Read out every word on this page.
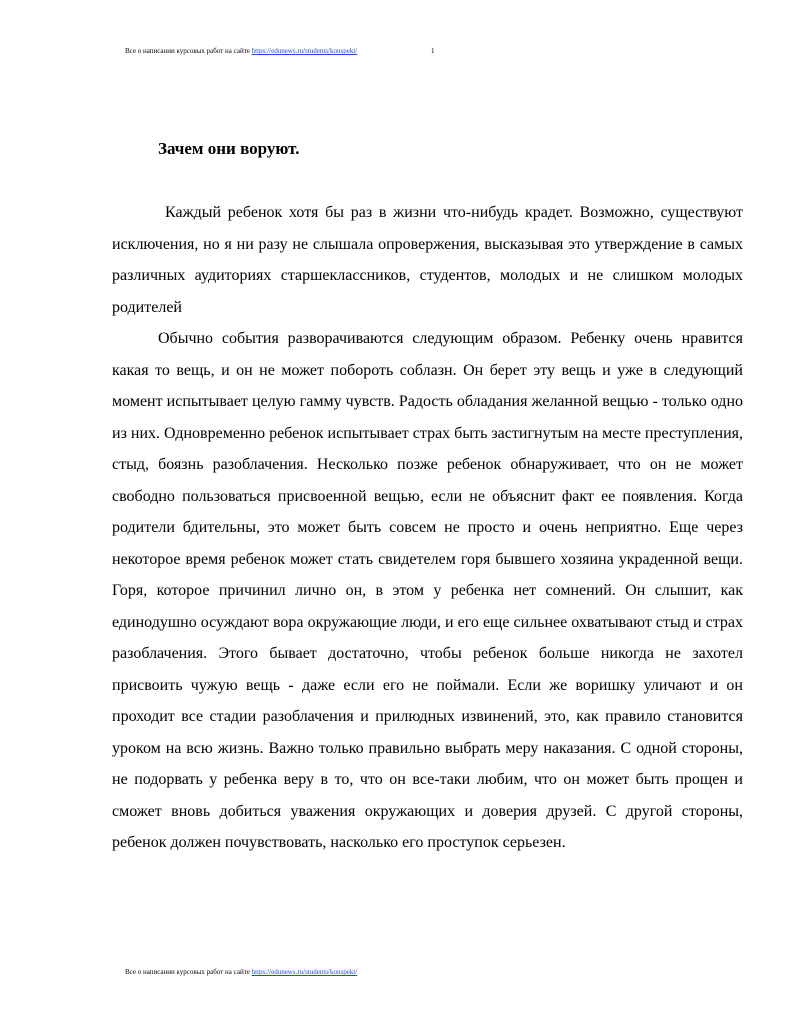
Все о написании курсовых работ на сайте https://edunews.ru/students/konspekt/	1
Зачем они воруют.

Каждый ребенок хотя бы раз в жизни что-нибудь крадет. Возможно, существуют исключения, но я ни разу не слышала опровержения, высказывая это утверждение в самых различных аудиториях старшеклассников, студентов, молодых и не слишком молодых родителей

Обычно события разворачиваются следующим образом. Ребенку очень нравится какая то вещь, и он не может побороть соблазн. Он берет эту вещь и уже в следующий момент испытывает целую гамму чувств. Радость обладания желанной вещью - только одно из них. Одновременно ребенок испытывает страх быть застигнутым на месте преступления, стыд, боязнь разоблачения. Несколько позже ребенок обнаруживает, что он не может свободно пользоваться присвоенной вещью, если не объяснит факт ее появления. Когда родители бдительны, это может быть совсем не просто и очень неприятно. Еще через некоторое время ребенок может стать свидетелем горя бывшего хозяина украденной вещи. Горя, которое причинил лично он, в этом у ребенка нет сомнений. Он слышит, как единодушно осуждают вора окружающие люди, и его еще сильнее охватывают стыд и страх разоблачения. Этого бывает достаточно, чтобы ребенок больше никогда не захотел присвоить чужую вещь - даже если его не поймали. Если же воришку уличают и он проходит все стадии разоблачения и прилюдных извинений, это, как правило становится уроком на всю жизнь. Важно только правильно выбрать меру наказания. С одной стороны, не подорвать у ребенка веру в то, что он все-таки любим, что он может быть прощен и сможет вновь добиться уважения окружающих и доверия друзей. С другой стороны, ребенок должен почувствовать, насколько его проступок серьезен.

Все о написании курсовых работ на сайте https://edunews.ru/students/konspekt/
